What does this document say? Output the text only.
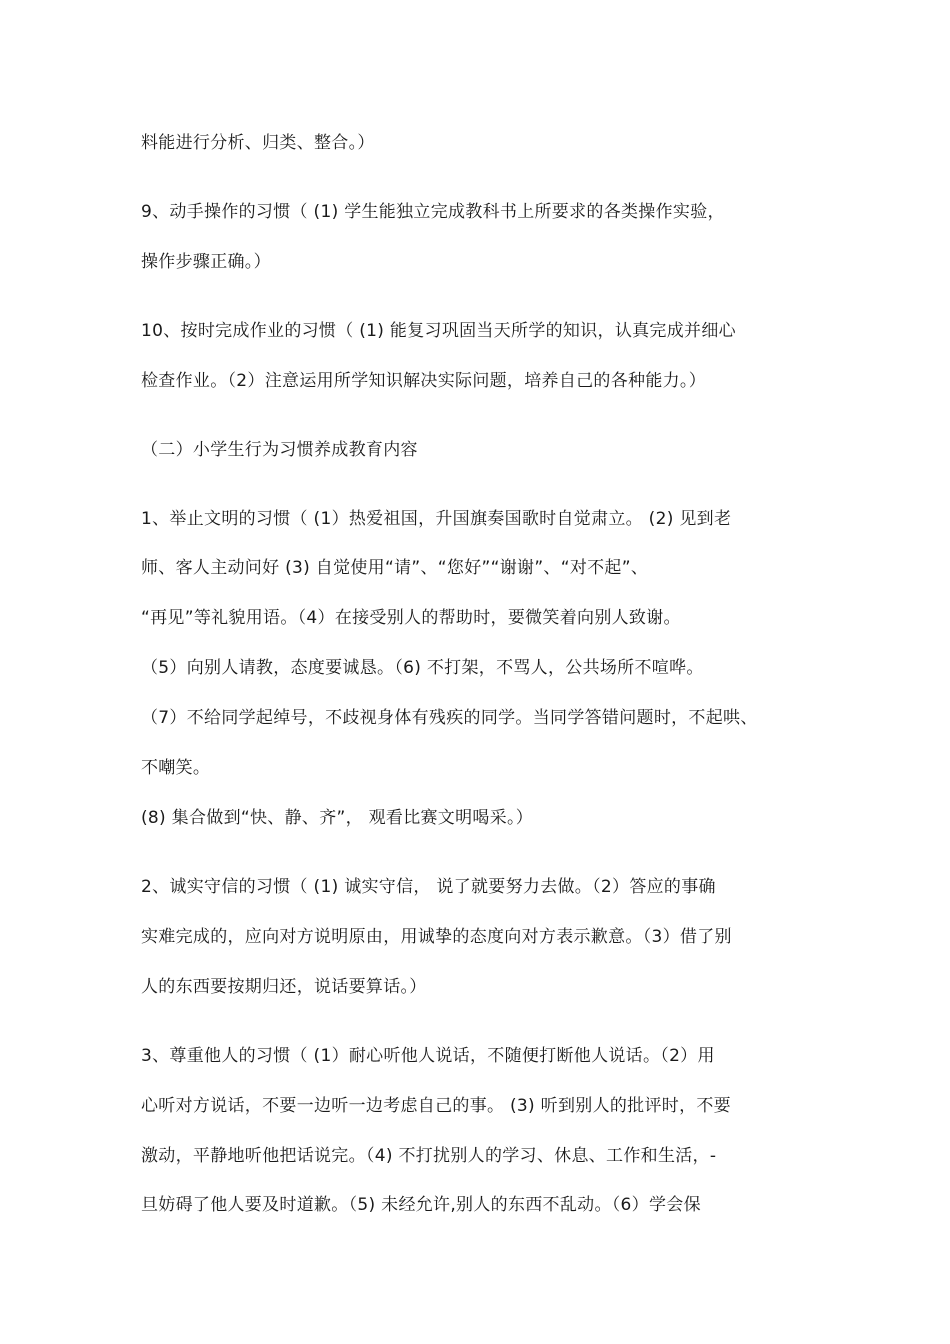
料能进行分析、归类、整合。）
9、动手操作的习惯（ (1) 学生能独立完成教科书上所要求的各类操作实验，
操作步骤正确。）
10、按时完成作业的习惯（ (1) 能复习巩固当天所学的知识，认真完成并细心
检查作业。（2）注意运用所学知识解决实际问题，培养自己的各种能力。）
（二）小学生行为习惯养成教育内容
1、举止文明的习惯（ (1）热爱祖国，升国旗奏国歌时自觉肃立。 (2) 见到老
师、客人主动问好 (3) 自觉使用“请”、“您好”“谢谢”、“对不起”、
“再见”等礼貌用语。（4）在接受别人的帮助时，要微笑着向别人致谢。
（5）向别人请教，态度要诚恳。（6) 不打架，不骂人，公共场所不喧哗。
（7）不给同学起绰号，不歧视身体有残疾的同学。当同学答错问题时，不起哄、
不嘲笑。
(8) 集合做到“快、静、齐”， 观看比赛文明喝采。）
2、诚实守信的习惯（ (1) 诚实守信， 说了就要努力去做。（2）答应的事确
实难完成的，应向对方说明原由，用诚挚的态度向对方表示歉意。（3）借了别
人的东西要按期归还，说话要算话。）
3、尊重他人的习惯（ (1）耐心听他人说话，不随便打断他人说话。（2）用
心听对方说话，不要一边听一边考虑自己的事。 (3) 听到别人的批评时，不要
激动，平静地听他把话说完。（4) 不打扰别人的学习、休息、工作和生活，-
旦妨碍了他人要及时道歉。（5) 未经允许,别人的东西不乱动。（6）学会保
